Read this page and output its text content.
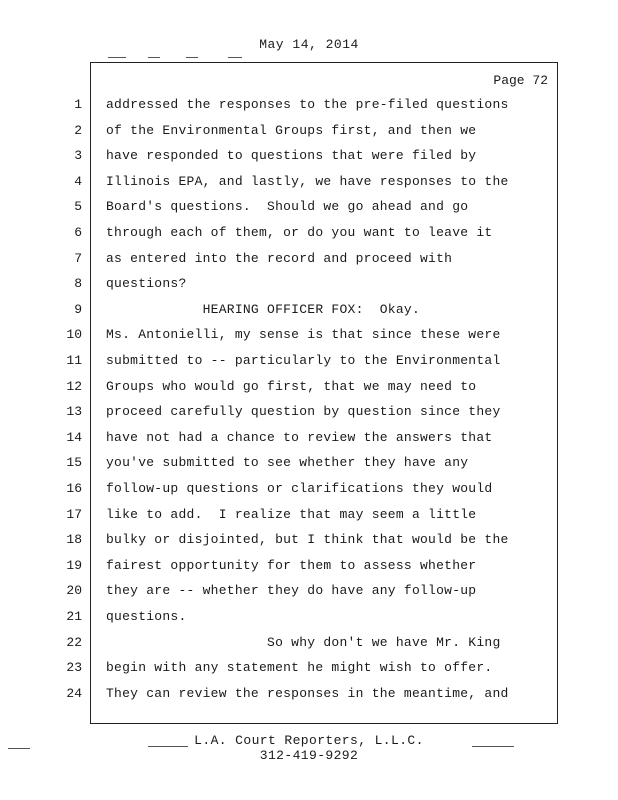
May 14, 2014
Page 72
1 addressed the responses to the pre-filed questions
2 of the Environmental Groups first, and then we
3 have responded to questions that were filed by
4 Illinois EPA, and lastly, we have responses to the
5 Board's questions.  Should we go ahead and go
6 through each of them, or do you want to leave it
7 as entered into the record and proceed with
8 questions?
9 HEARING OFFICER FOX:  Okay.
10 Ms. Antonielli, my sense is that since these were
11 submitted to -- particularly to the Environmental
12 Groups who would go first, that we may need to
13 proceed carefully question by question since they
14 have not had a chance to review the answers that
15 you've submitted to see whether they have any
16 follow-up questions or clarifications they would
17 like to add.  I realize that may seem a little
18 bulky or disjointed, but I think that would be the
19 fairest opportunity for them to assess whether
20 they are -- whether they do have any follow-up
21 questions.
22 So why don't we have Mr. King
23 begin with any statement he might wish to offer.
24 They can review the responses in the meantime, and
L.A. Court Reporters, L.L.C.
312-419-9292
